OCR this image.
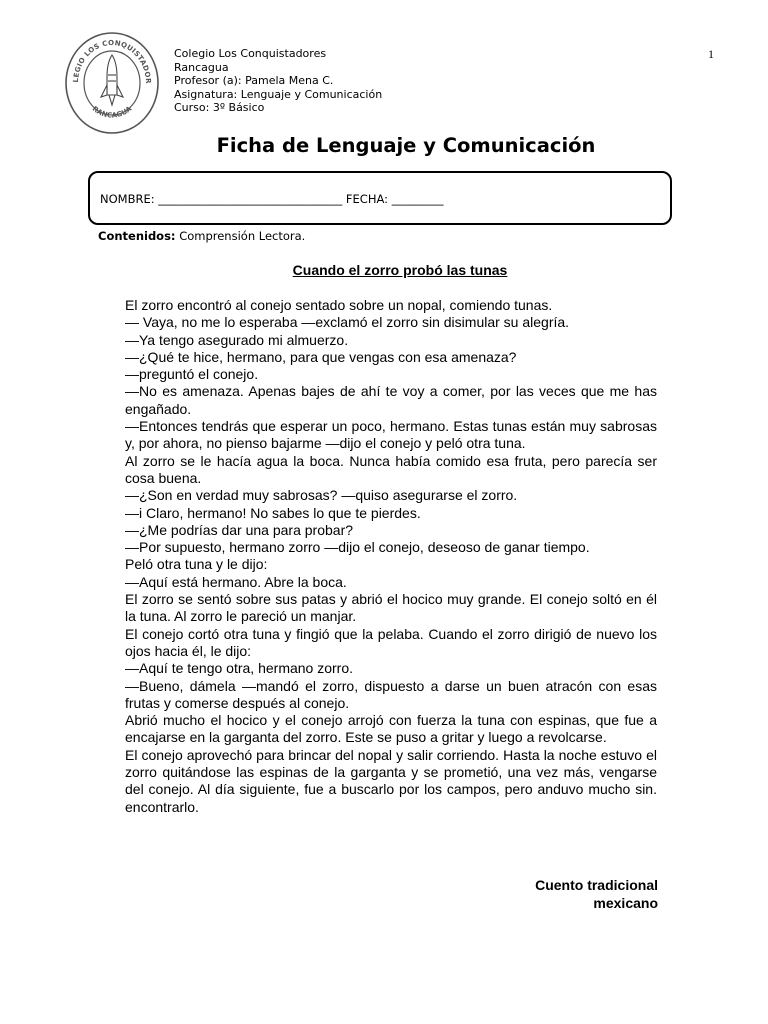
1
LEGIO LOS CONQUISTADOR
RANCAGUA
Colegio Los Conquistadores
Rancagua
Profesor (a): Pamela Mena C.
Asignatura: Lenguaje y Comunicación
Curso: 3º Básico
Ficha de Lenguaje y Comunicación
NOMBRE: ________________________________ FECHA: _________
Contenidos: Comprensión Lectora.
Cuando el zorro probó las tunas

El zorro encontró al conejo sentado sobre un nopal, comiendo tunas.

— Vaya, no me lo esperaba —exclamó el zorro sin disimular su alegría.

—Ya tengo asegurado mi almuerzo.

—¿Qué te hice, hermano, para que vengas con esa amenaza?

—preguntó el conejo.

—No es amenaza. Apenas bajes de ahí te voy a comer, por las veces que me has engañado.

—Entonces tendrás que esperar un poco, hermano. Estas tunas están muy sabrosas y, por ahora, no pienso bajarme —dijo el conejo y peló otra tuna.

Al zorro se le hacía agua la boca. Nunca había comido esa fruta, pero parecía ser cosa buena.

—¿Son en verdad muy sabrosas? —quiso asegurarse el zorro.

—i Claro, hermano! No sabes lo que te pierdes.

—¿Me podrías dar una para probar?

—Por supuesto, hermano zorro —dijo el conejo, deseoso de ganar tiempo.

Peló otra tuna y le dijo:

—Aquí está hermano. Abre la boca.

El zorro se sentó sobre sus patas y abrió el hocico muy grande. El conejo soltó en él la tuna. Al zorro le pareció un manjar.

El conejo cortó otra tuna y fingió que la pelaba. Cuando el zorro dirigió de nuevo los ojos hacia él, le dijo:

—Aquí te tengo otra, hermano zorro.

—Bueno, dámela —mandó el zorro, dispuesto a darse un buen atracón con esas frutas y comerse después al conejo.

Abrió mucho el hocico y el conejo arrojó con fuerza la tuna con espinas, que fue a encajarse en la garganta del zorro. Este se puso a gritar y luego a revolcarse.

El conejo aprovechó para brincar del nopal y salir corriendo. Hasta la noche estuvo el zorro quitándose las espinas de la garganta y se prometió, una vez más, vengarse del conejo. Al día siguiente, fue a buscarlo por los campos, pero anduvo mucho sin. encontrarlo.

Cuento tradicional
mexicano
